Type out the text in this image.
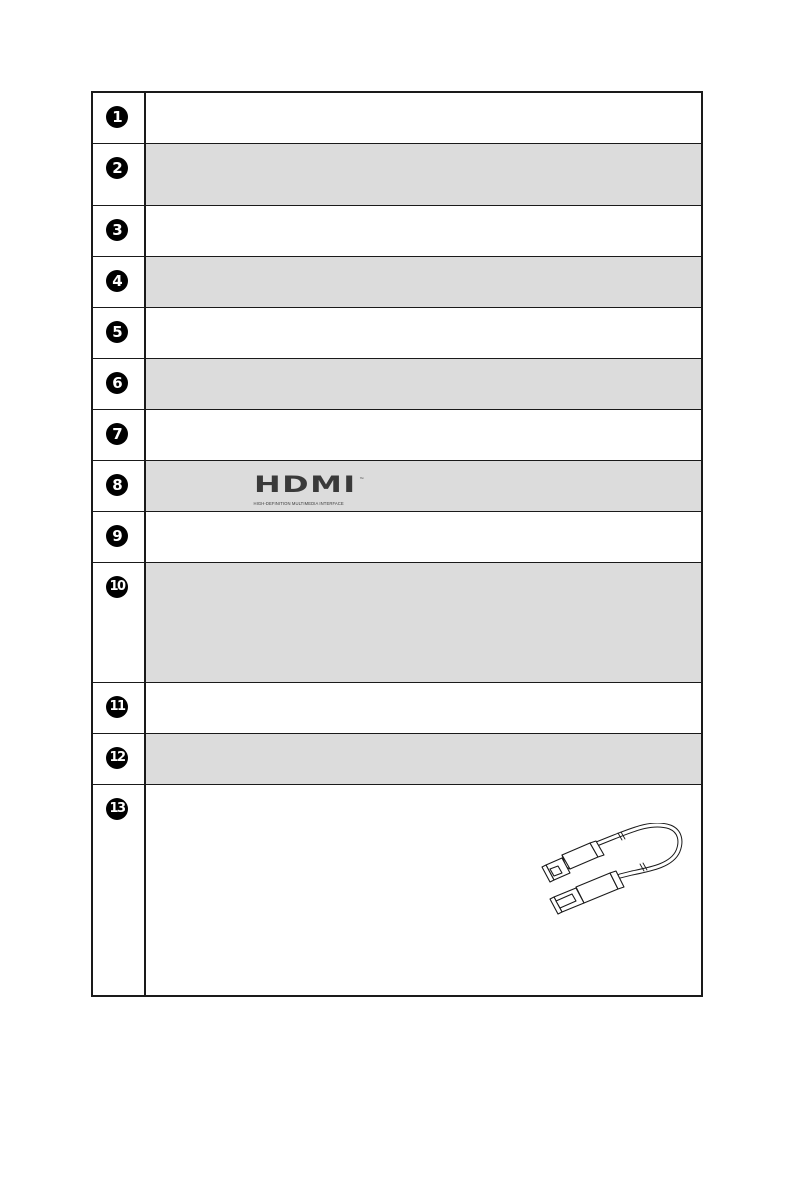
1
2
3
4
5
6
7
HDMI ™
HIGH-DEFINITION MULTIMEDIA INTERFACE
8
9
10
11
12
13
